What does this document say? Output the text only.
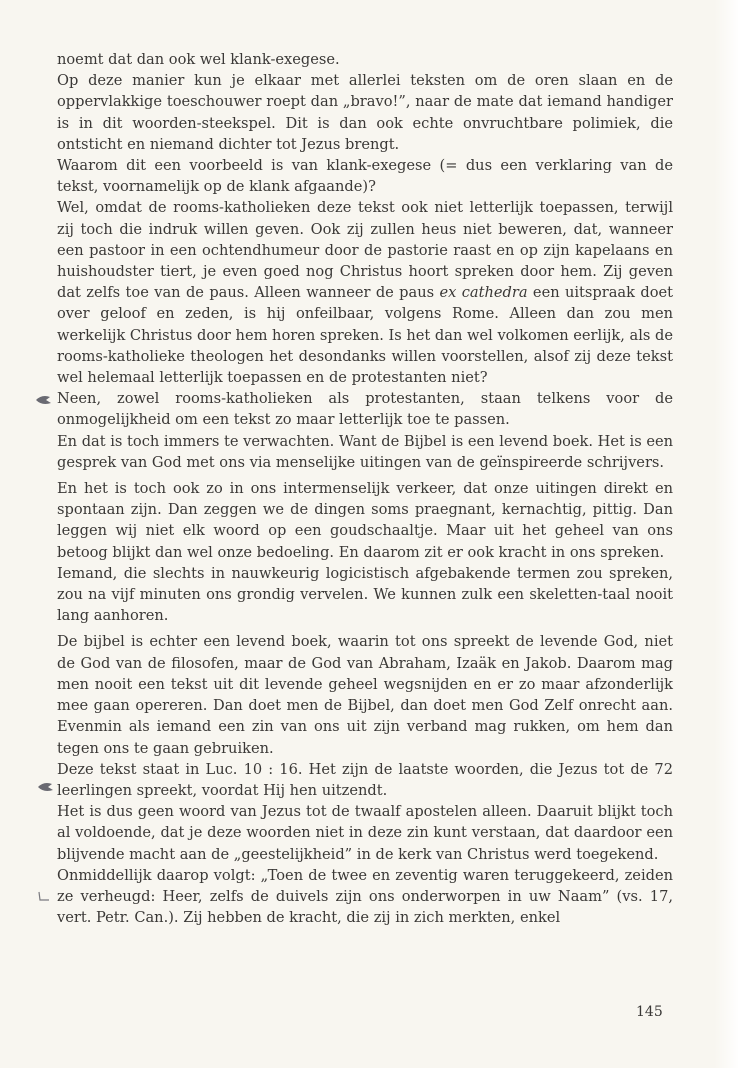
noemt dat dan ook wel klank-exegese.

Op deze manier kun je elkaar met allerlei teksten om de oren slaan en de oppervlakkige toeschouwer roept dan „bravo!”, naar de mate dat iemand handiger is in dit woorden-steekspel. Dit is dan ook echte onvruchtbare polimiek, die ontsticht en niemand dichter tot Jezus brengt.

Waarom dit een voorbeeld is van klank-exegese (= dus een verklaring van de tekst, voornamelijk op de klank afgaande)?

Wel, omdat de rooms-katholieken deze tekst ook niet letterlijk toepassen, terwijl zij toch die indruk willen geven. Ook zij zullen heus niet beweren, dat, wanneer een pastoor in een ochtendhumeur door de pastorie raast en op zijn kapelaans en huishoudster tiert, je even goed nog Christus hoort spreken door hem. Zij geven dat zelfs toe van de paus. Alleen wanneer de paus ex cathedra een uitspraak doet over geloof en zeden, is hij onfeilbaar, volgens Rome. Alleen dan zou men werkelijk Christus door hem horen spreken. Is het dan wel volkomen eerlijk, als de rooms-katholieke theologen het desondanks willen voorstellen, alsof zij deze tekst wel helemaal letterlijk toepassen en de protestanten niet?

Neen, zowel rooms-katholieken als protestanten, staan telkens voor de onmogelijkheid om een tekst zo maar letterlijk toe te passen.

En dat is toch immers te verwachten. Want de Bijbel is een levend boek. Het is een gesprek van God met ons via menselijke uitingen van de geïnspireerde schrijvers.

En het is toch ook zo in ons intermenselijk verkeer, dat onze uitingen direkt en spontaan zijn. Dan zeggen we de dingen soms praegnant, kernachtig, pittig. Dan leggen wij niet elk woord op een goudschaaltje. Maar uit het geheel van ons betoog blijkt dan wel onze bedoeling. En daarom zit er ook kracht in ons spreken.

Iemand, die slechts in nauwkeurig logicistisch afgebakende termen zou spreken, zou na vijf minuten ons grondig vervelen. We kunnen zulk een skeletten-taal nooit lang aanhoren.

De bijbel is echter een levend boek, waarin tot ons spreekt de levende God, niet de God van de filosofen, maar de God van Abraham, Izaäk en Jakob. Daarom mag men nooit een tekst uit dit levende geheel wegsnijden en er zo maar afzonderlijk mee gaan opereren. Dan doet men de Bijbel, dan doet men God Zelf onrecht aan. Evenmin als iemand een zin van ons uit zijn verband mag rukken, om hem dan tegen ons te gaan gebruiken.

Deze tekst staat in Luc. 10 : 16. Het zijn de laatste woorden, die Jezus tot de 72 leerlingen spreekt, voordat Hij hen uitzendt.

Het is dus geen woord van Jezus tot de twaalf apostelen alleen. Daaruit blijkt toch al voldoende, dat je deze woorden niet in deze zin kunt verstaan, dat daardoor een blijvende macht aan de „geestelijkheid” in de kerk van Christus werd toegekend.

Onmiddellijk daarop volgt: „Toen de twee en zeventig waren teruggekeerd, zeiden ze verheugd: Heer, zelfs de duivels zijn ons onderworpen in uw Naam” (vs. 17, vert. Petr. Can.). Zij hebben de kracht, die zij in zich merkten, enkel

145
